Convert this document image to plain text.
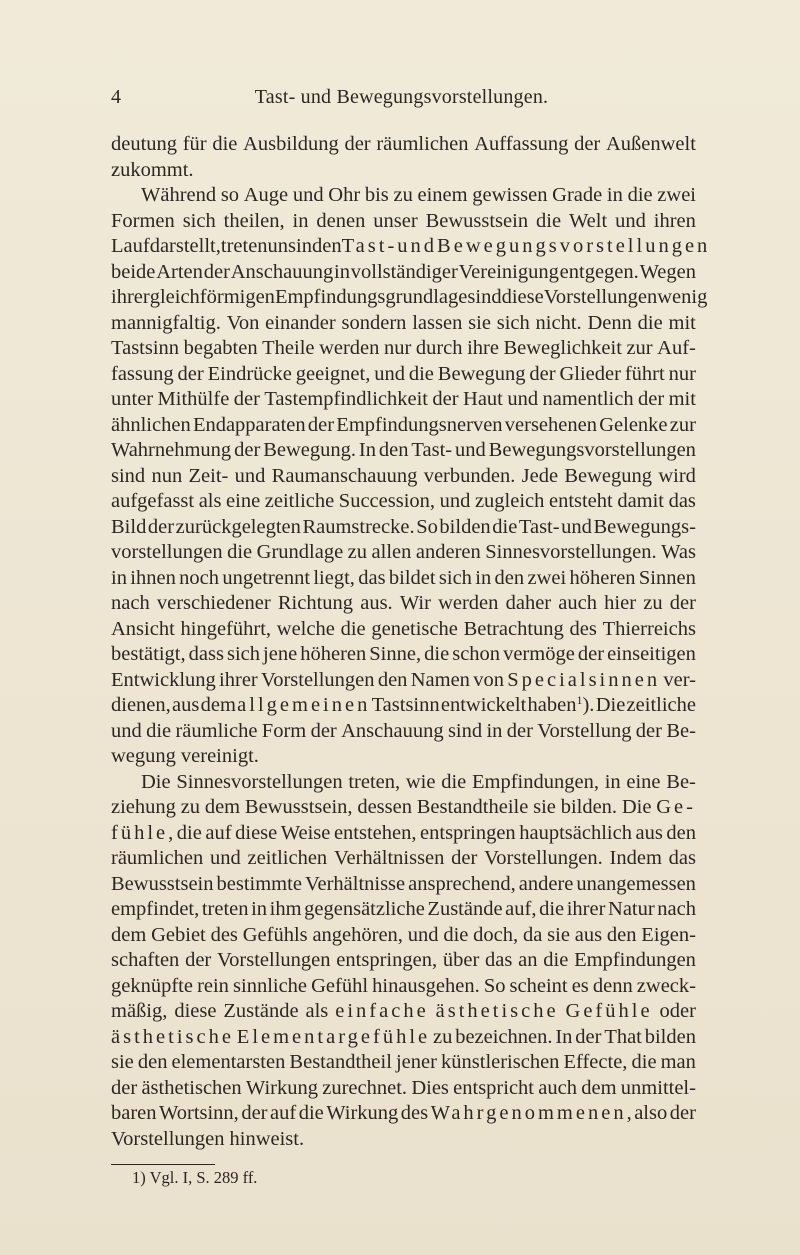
4	Tast- und Bewegungsvorstellungen.
deutung für die Ausbildung der räumlichen Auffassung der Außenwelt
zukommt.
Während so Auge und Ohr bis zu einem gewissen Grade in die zwei
Formen sich theilen, in denen unser Bewusstsein die Welt und ihren
Lauf darstellt, treten uns in den Tast- und Bewegungsvorstellungen
beide Arten der Anschauung in vollständiger Vereinigung entgegen. Wegen
ihrer gleichförmigen Empfindungsgrundlage sind diese Vorstellungen wenig
mannigfaltig. Von einander sondern lassen sie sich nicht. Denn die mit
Tastsinn begabten Theile werden nur durch ihre Beweglichkeit zur Auf-
fassung der Eindrücke geeignet, und die Bewegung der Glieder führt nur
unter Mithülfe der Tastempfindlichkeit der Haut und namentlich der mit
ähnlichen Endapparaten der Empfindungsnerven versehenen Gelenke zur
Wahrnehmung der Bewegung. In den Tast- und Bewegungsvorstellungen
sind nun Zeit- und Raumanschauung verbunden. Jede Bewegung wird
aufgefasst als eine zeitliche Succession, und zugleich entsteht damit das
Bild der zurückgelegten Raumstrecke. So bilden die Tast- und Bewegungs-
vorstellungen die Grundlage zu allen anderen Sinnesvorstellungen. Was
in ihnen noch ungetrennt liegt, das bildet sich in den zwei höheren Sinnen
nach verschiedener Richtung aus. Wir werden daher auch hier zu der
Ansicht hingeführt, welche die genetische Betrachtung des Thierreichs
bestätigt, dass sich jene höheren Sinne, die schon vermöge der einseitigen
Entwicklung ihrer Vorstellungen den Namen von Specialsinnen ver-
dienen, aus dem allgemeinen Tastsinn entwickelt haben$^1$). Die zeitliche
und die räumliche Form der Anschauung sind in der Vorstellung der Be-
wegung vereinigt.
Die Sinnesvorstellungen treten, wie die Empfindungen, in eine Be-
ziehung zu dem Bewusstsein, dessen Bestandtheile sie bilden. Die Ge-
fühle, die auf diese Weise entstehen, entspringen hauptsächlich aus den
räumlichen und zeitlichen Verhältnissen der Vorstellungen. Indem das
Bewusstsein bestimmte Verhältnisse ansprechend, andere unangemessen
empfindet, treten in ihm gegensätzliche Zustände auf, die ihrer Natur nach
dem Gebiet des Gefühls angehören, und die doch, da sie aus den Eigen-
schaften der Vorstellungen entspringen, über das an die Empfindungen
geknüpfte rein sinnliche Gefühl hinausgehen. So scheint es denn zweck-
mäßig, diese Zustände als einfache ästhetische Gefühle oder
ästhetische Elementargefühle zu bezeichnen. In der That bilden
sie den elementarsten Bestandtheil jener künstlerischen Effecte, die man
der ästhetischen Wirkung zurechnet. Dies entspricht auch dem unmittel-
baren Wortsinn, der auf die Wirkung des Wahrgenommenen, also der
Vorstellungen hinweist.
1) Vgl. I, S. 289 ff.
